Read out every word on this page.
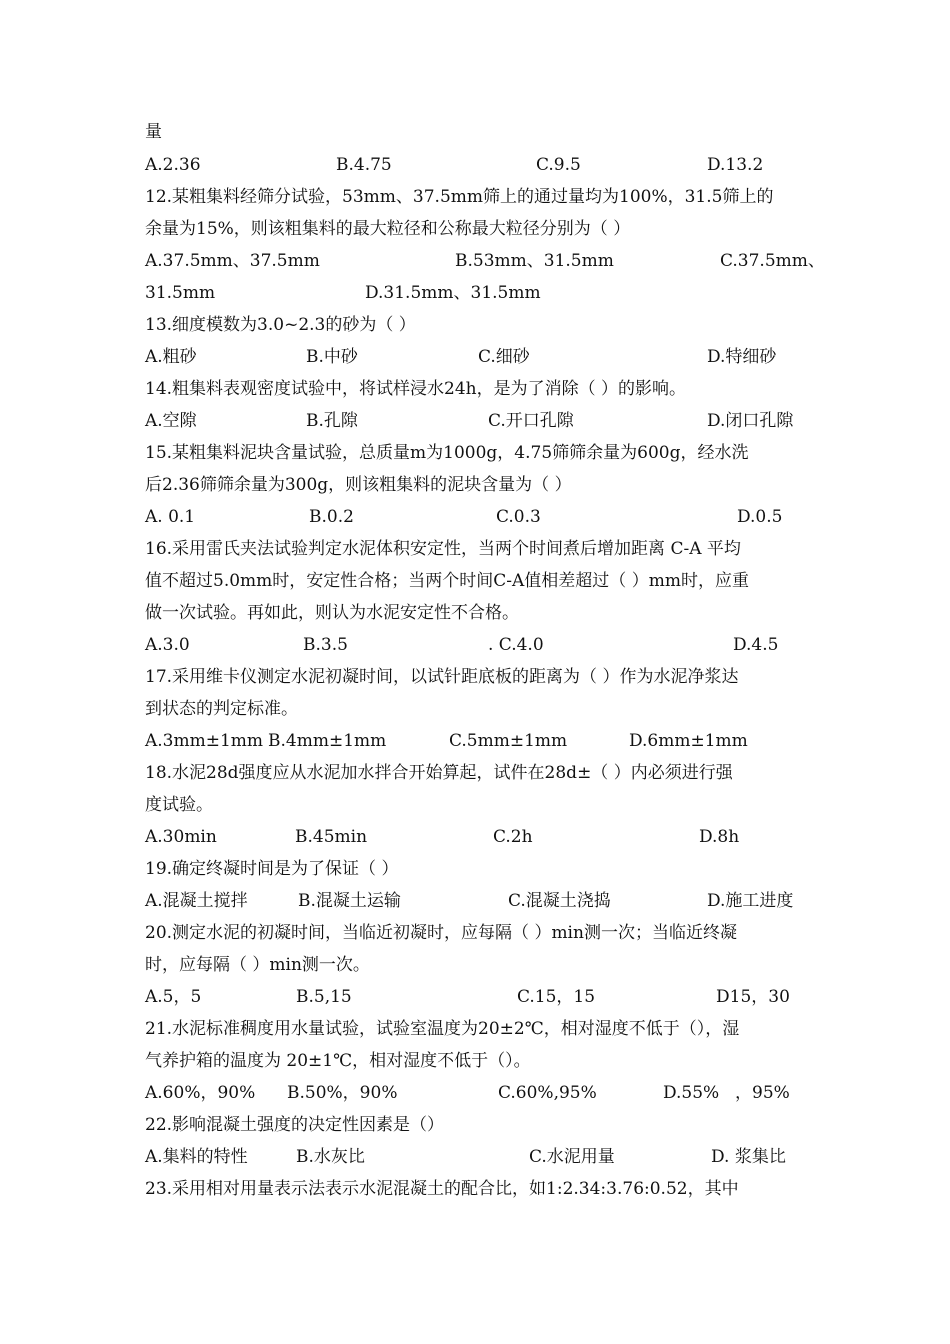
量
A.2.36	B.4.75	C.9.5	D.13.2
12.某粗集料经筛分试验，53mm、37.5mm筛上的通过量均为100%，31.5筛上的
余量为15%，则该粗集料的最大粒径和公称最大粒径分别为（ ）
A.37.5mm、37.5mm	B.53mm、31.5mm	C.37.5mm、
31.5mm	D.31.5mm、31.5mm
13.细度模数为3.0~2.3的砂为（ ）
A.粗砂	B.中砂	C.细砂	D.特细砂
14.粗集料表观密度试验中，将试样浸水24h，是为了消除（ ）的影响。
A.空隙	B.孔隙	C.开口孔隙	D.闭口孔隙
15.某粗集料泥块含量试验，总质量m为1000g，4.75筛筛余量为600g，经水洗
后2.36筛筛余量为300g，则该粗集料的泥块含量为（ ）
A. 0.1	B.0.2	C.0.3	D.0.5
16.采用雷氏夹法试验判定水泥体积安定性，当两个时间煮后增加距离 C-A 平均
值不超过5.0mm时，安定性合格；当两个时间C-A值相差超过（ ）mm时，应重
做一次试验。再如此，则认为水泥安定性不合格。
A.3.0	B.3.5	. C.4.0	D.4.5
17.采用维卡仪测定水泥初凝时间，以试针距底板的距离为（ ）作为水泥净浆达
到状态的判定标准。
A.3mm±1mm B.4mm±1mm	C.5mm±1mm	D.6mm±1mm
18.水泥28d强度应从水泥加水拌合开始算起，试件在28d±（ ）内必须进行强
度试验。
A.30min	B.45min	C.2h	D.8h
19.确定终凝时间是为了保证（ ）
A.混凝土搅拌	B.混凝土运输	C.混凝土浇捣	D.施工进度
20.测定水泥的初凝时间，当临近初凝时，应每隔（ ）min测一次；当临近终凝
时，应每隔（ ）min测一次。
A.5，5	B.5,15	C.15，15	D15，30
21.水泥标准稠度用水量试验，试验室温度为20±2℃，相对湿度不低于（），湿
气养护箱的温度为 20±1℃，相对湿度不低于（）。
A.60%，90% B.50%，90%	C.60%,95%	D.55% ，95%
22.影响混凝土强度的决定性因素是（）
A.集料的特性	B.水灰比	C.水泥用量	D. 浆集比
23.采用相对用量表示法表示水泥混凝土的配合比，如1:2.34:3.76:0.52，其中
